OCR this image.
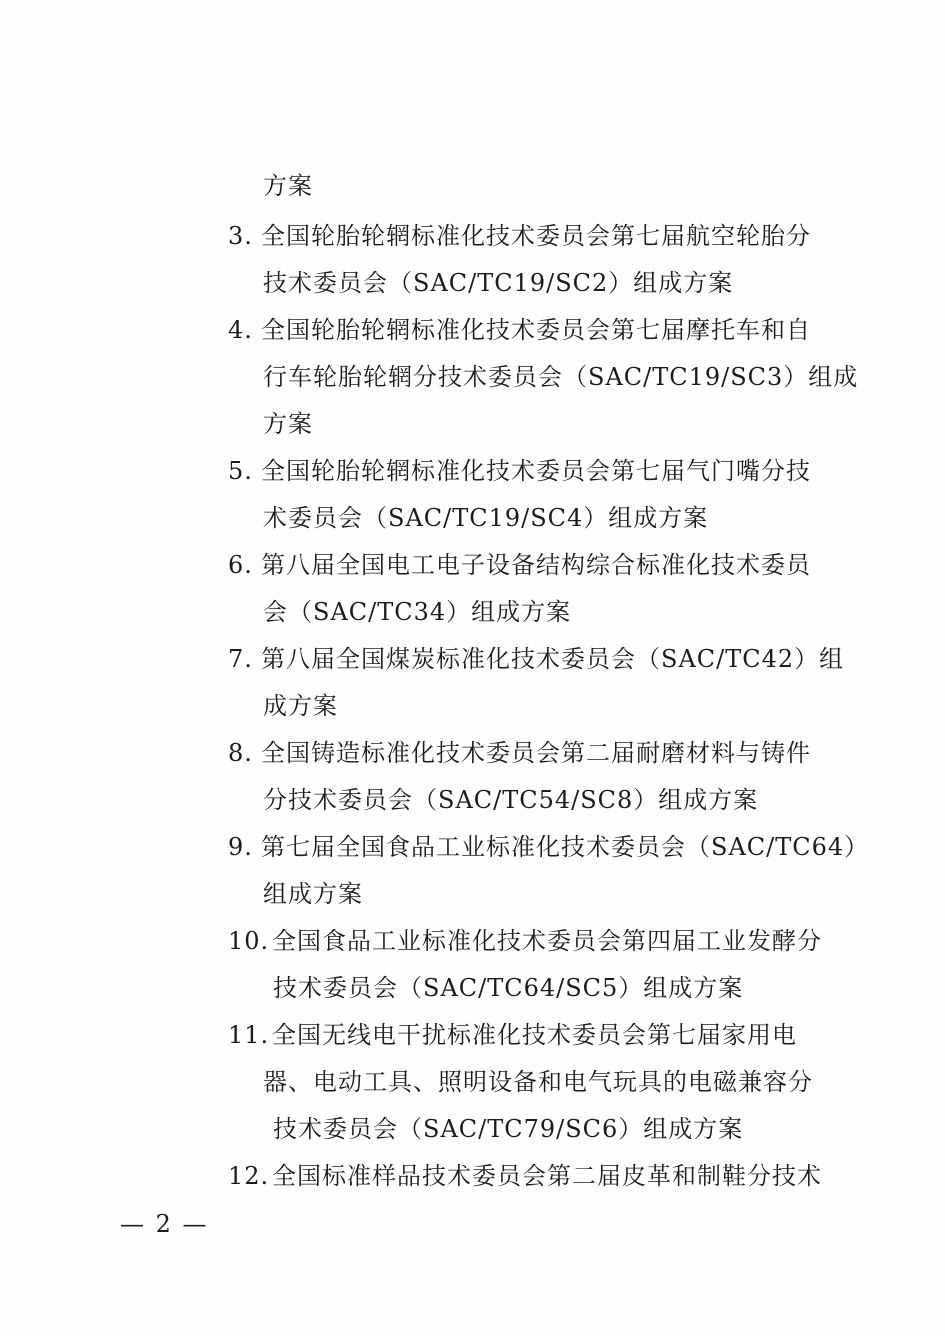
方案
3. 全国轮胎轮辋标准化技术委员会第七届航空轮胎分
技术委员会（SAC/TC19/SC2）组成方案
4. 全国轮胎轮辋标准化技术委员会第七届摩托车和自
行车轮胎轮辋分技术委员会（SAC/TC19/SC3）组成
方案
5. 全国轮胎轮辋标准化技术委员会第七届气门嘴分技
术委员会（SAC/TC19/SC4）组成方案
6. 第八届全国电工电子设备结构综合标准化技术委员
会（SAC/TC34）组成方案
7. 第八届全国煤炭标准化技术委员会（SAC/TC42）组
成方案
8. 全国铸造标准化技术委员会第二届耐磨材料与铸件
分技术委员会（SAC/TC54/SC8）组成方案
9. 第七届全国食品工业标准化技术委员会（SAC/TC64）
组成方案
10. 全国食品工业标准化技术委员会第四届工业发酵分
技术委员会（SAC/TC64/SC5）组成方案
11. 全国无线电干扰标准化技术委员会第七届家用电
器、电动工具、照明设备和电气玩具的电磁兼容分
技术委员会（SAC/TC79/SC6）组成方案
12. 全国标准样品技术委员会第二届皮革和制鞋分技术
— 2 —
